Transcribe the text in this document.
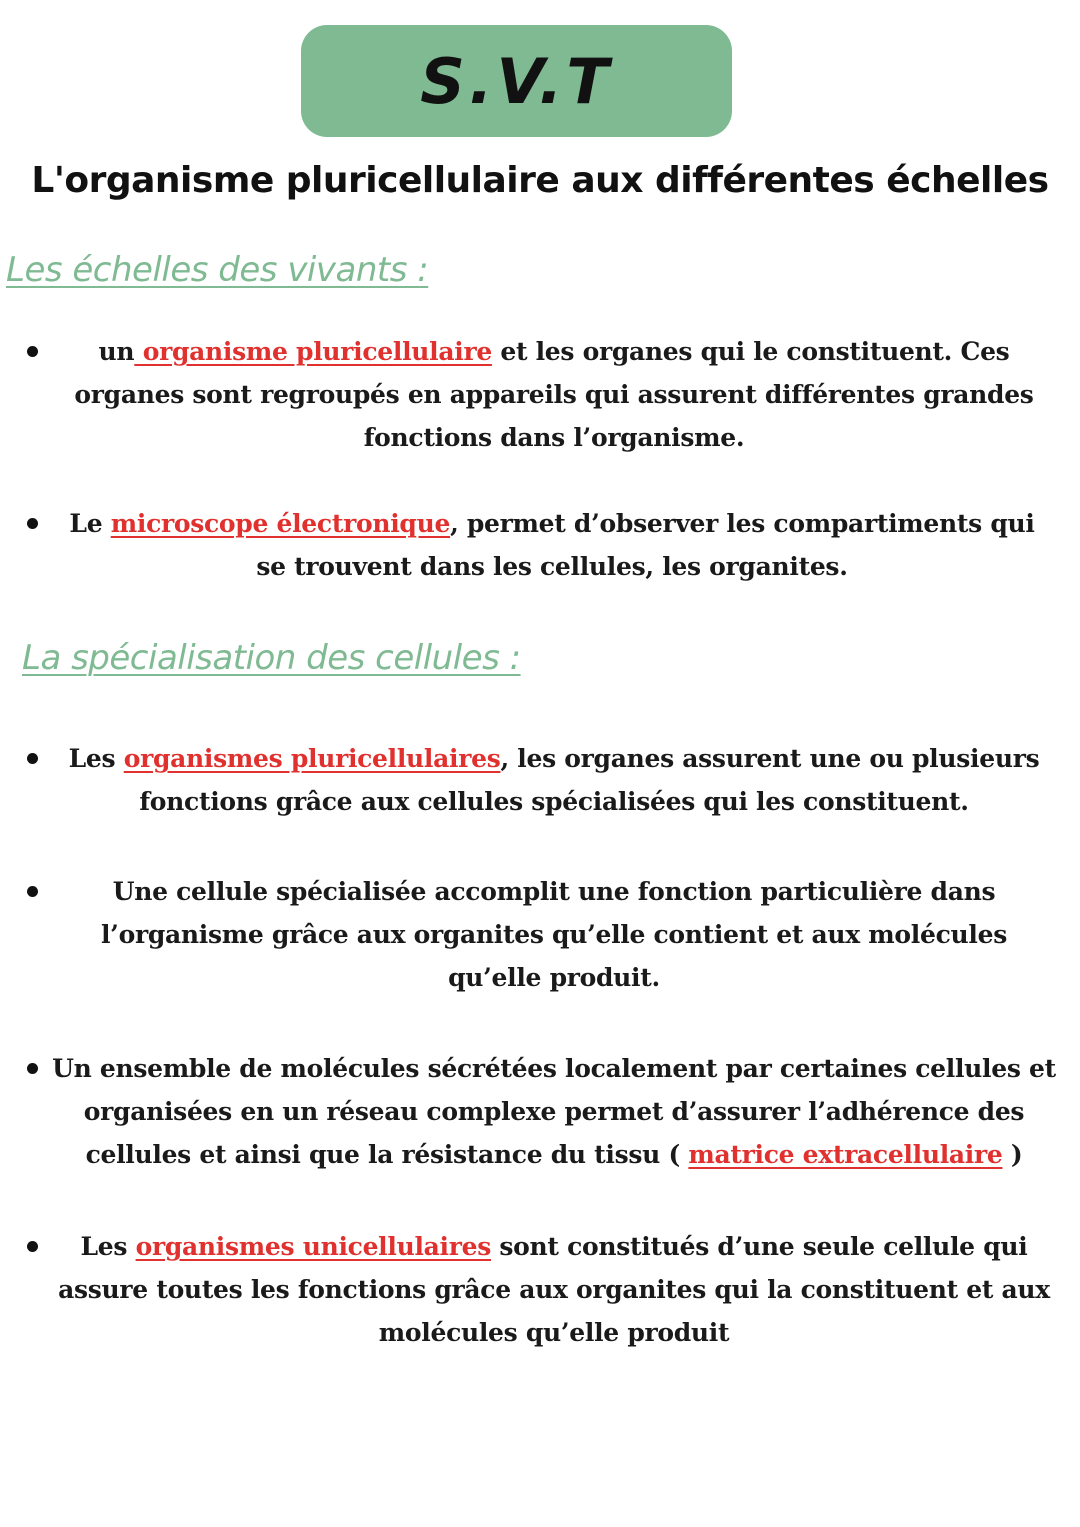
S.V.T
L'organisme pluricellulaire aux différentes échelles
Les échelles des vivants :
un organisme pluricellulaire et les organes qui le constituent. Ces organes sont regroupés en appareils qui assurent différentes grandes fonctions dans l’organisme.
Le microscope électronique, permet d’observer les compartiments qui se trouvent dans les cellules, les organites.
La spécialisation des cellules :
Les organismes pluricellulaires, les organes assurent une ou plusieurs fonctions grâce aux cellules spécialisées qui les constituent.
Une cellule spécialisée accomplit une fonction particulière dans l’organisme grâce aux organites qu’elle contient et aux molécules qu’elle produit.
Un ensemble de molécules sécrétées localement par certaines cellules et organisées en un réseau complexe permet d’assurer l’adhérence des cellules et ainsi que la résistance du tissu ( matrice extracellulaire )
Les organismes unicellulaires sont constitués d’une seule cellule qui assure toutes les fonctions grâce aux organites qui la constituent et aux molécules qu’elle produit
